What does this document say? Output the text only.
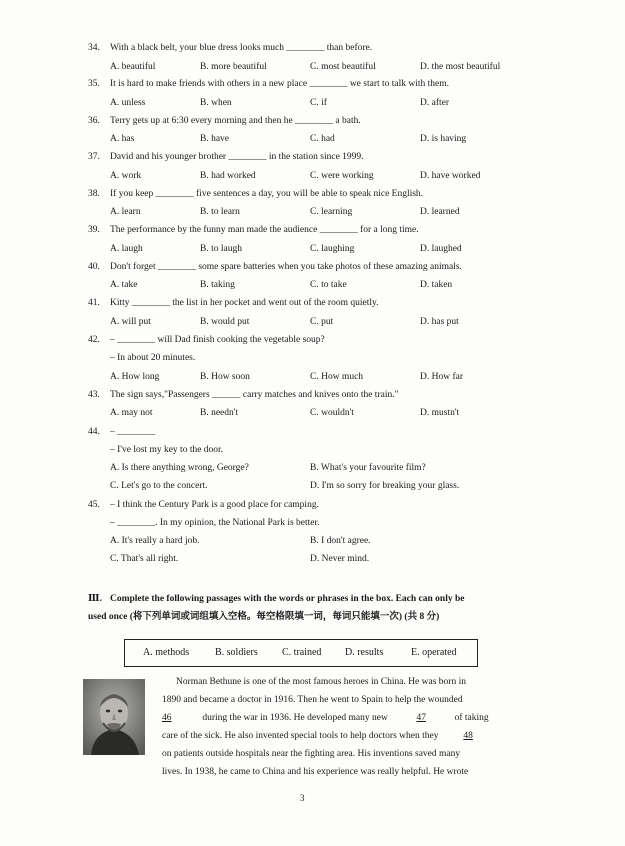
34. With a black belt, your blue dress looks much ________ than before.
A. beautiful	B. more beautiful	C. most beautiful	D. the most beautiful
35. It is hard to make friends with others in a new place ________ we start to talk with them.
A. unless	B. when	C. if	D. after
36. Terry gets up at 6:30 every morning and then he ________ a bath.
A. has	B. have	C. had	D. is having
37. David and his younger brother ________ in the station since 1999.
A. work	B. had worked	C. were working	D. have worked
38. If you keep ________ five sentences a day, you will be able to speak nice English.
A. learn	B. to learn	C. learning	D. learned
39. The performance by the funny man made the audience ________ for a long time.
A. laugh	B. to laugh	C. laughing	D. laughed
40. Don't forget ________ some spare batteries when you take photos of these amazing animals.
A. take	B. taking	C. to take	D. taken
41. Kitty ________ the list in her pocket and went out of the room quietly.
A. will put	B. would put	C. put	D. has put
42. – ________ will Dad finish cooking the vegetable soup?
– In about 20 minutes.
A. How long	B. How soon	C. How much	D. How far
43. The sign says,"Passengers ______ carry matches and knives onto the train."
A. may not	B. needn't	C. wouldn't	D. mustn't
44. – ________
– I've lost my key to the door.
A. Is there anything wrong, George?	B. What's your favourite film?
C. Let's go to the concert.	D. I'm so sorry for breaking your glass.
45. – I think the Century Park is a good place for camping.
– ________. In my opinion, the National Park is better.
A. It's really a hard job.	B. I don't agree.
C. That's all right.	D. Never mind.
Ⅲ. Complete the following passages with the words or phrases in the box. Each can only be
used once (将下列单词或词组填入空格。每空格限填一词，每词只能填一次) (共 8 分)
A. methods	B. soldiers C. trained D. results	E. operated
Norman Bethune is one of the most famous heroes in China. He was born in
1890 and became a doctor in 1916. Then he went to Spain to help the wounded
46	during the war in 1936. He developed many new	47	of taking
care of the sick. He also invented special tools to help doctors when they	48
on patients outside hospitals near the fighting area. His inventions saved many
lives. In 1938, he came to China and his experience was really helpful. He wrote
3
